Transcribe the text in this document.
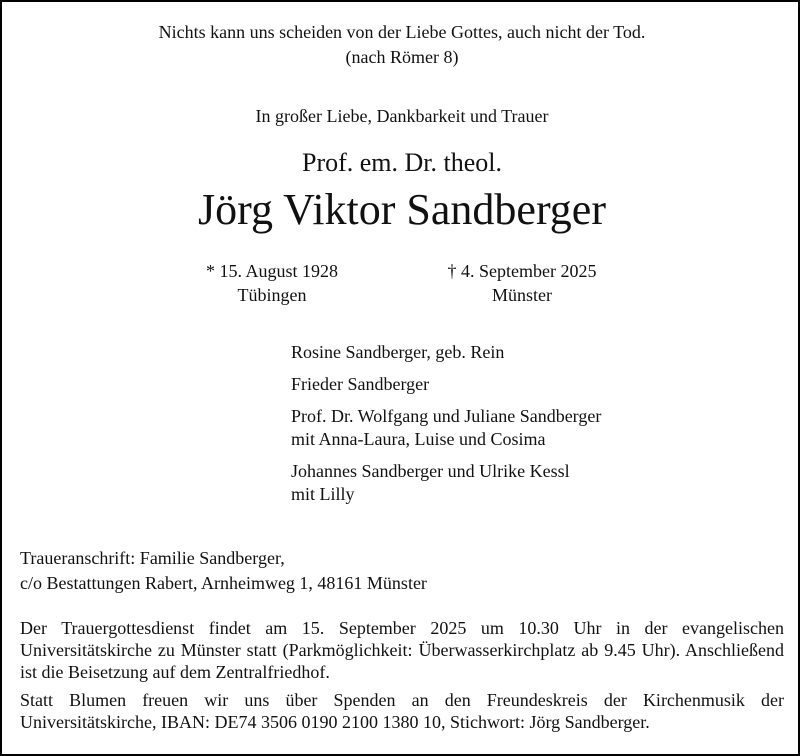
Nichts kann uns scheiden von der Liebe Gottes, auch nicht der Tod.
(nach Römer 8)
In großer Liebe, Dankbarkeit und Trauer
Prof. em. Dr. theol.
Jörg Viktor Sandberger
* 15. August 1928
Tübingen
† 4. September 2025
Münster
Rosine Sandberger, geb. Rein
Frieder Sandberger
Prof. Dr. Wolfgang und Juliane Sandberger
mit Anna-Laura, Luise und Cosima
Johannes Sandberger und Ulrike Kessl
mit Lilly
Traueranschrift: Familie Sandberger,
c/o Bestattungen Rabert, Arnheimweg 1, 48161 Münster

Der Trauergottesdienst findet am 15. September 2025 um 10.30 Uhr in der evangelischen Universitätskirche zu Münster statt (Parkmöglichkeit: Überwasserkirchplatz ab 9.45 Uhr). Anschließend ist die Beisetzung auf dem Zentralfriedhof.

Statt Blumen freuen wir uns über Spenden an den Freundeskreis der Kirchenmusik der Universitätskirche, IBAN: DE74 3506 0190 2100 1380 10, Stichwort: Jörg Sandberger.
